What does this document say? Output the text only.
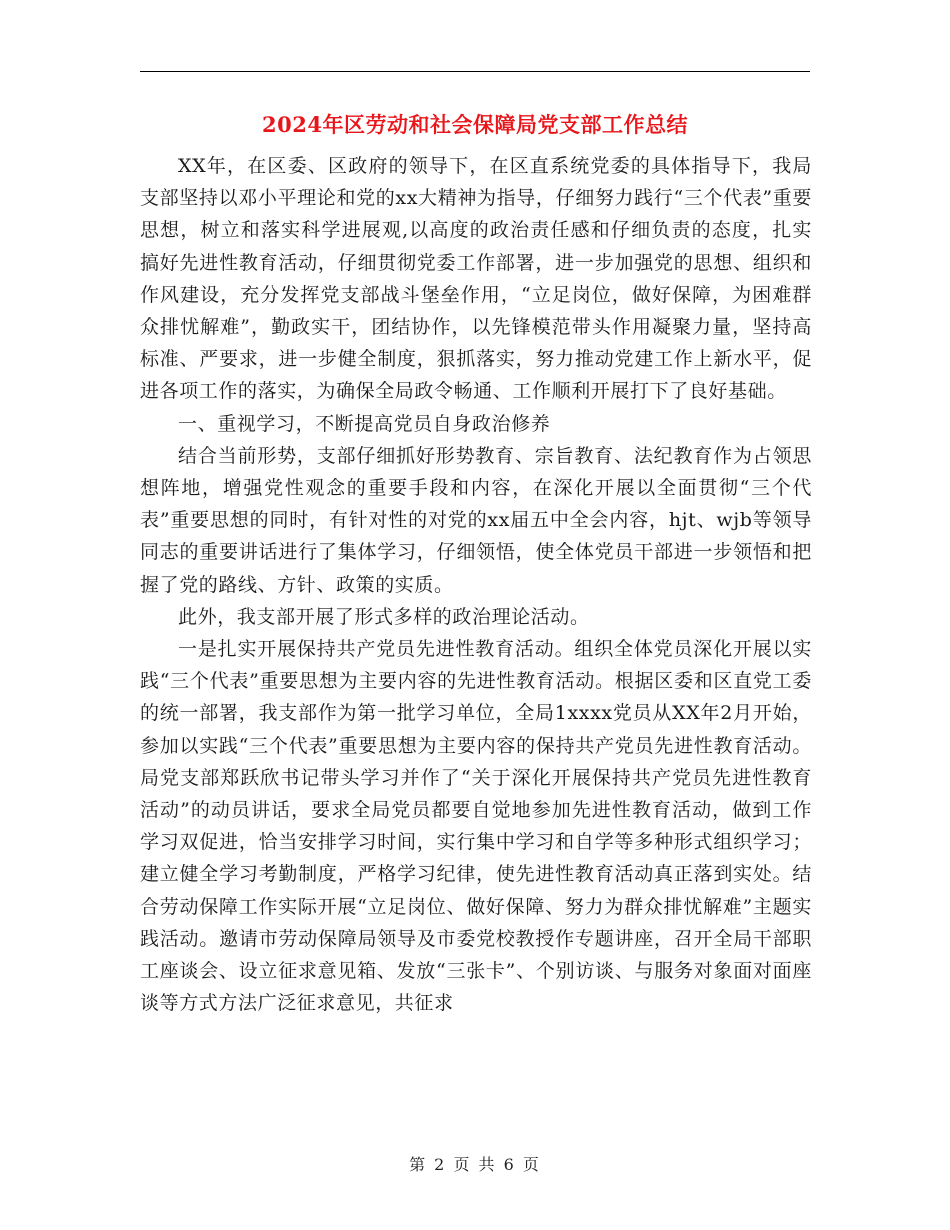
2024年区劳动和社会保障局党支部工作总结

XX年，在区委、区政府的领导下，在区直系统党委的具体指导下，我局支部坚持以邓小平理论和党的xx大精神为指导，仔细努力践行“三个代表”重要思想，树立和落实科学进展观,以高度的政治责任感和仔细负责的态度，扎实搞好先进性教育活动，仔细贯彻党委工作部署，进一步加强党的思想、组织和作风建设，充分发挥党支部战斗堡垒作用，“立足岗位，做好保障，为困难群众排忧解难”，勤政实干，团结协作，以先锋模范带头作用凝聚力量，坚持高标准、严要求，进一步健全制度，狠抓落实，努力推动党建工作上新水平，促进各项工作的落实，为确保全局政令畅通、工作顺利开展打下了良好基础。

一、重视学习，不断提高党员自身政治修养

结合当前形势，支部仔细抓好形势教育、宗旨教育、法纪教育作为占领思想阵地，增强党性观念的重要手段和内容，在深化开展以全面贯彻“三个代表”重要思想的同时，有针对性的对党的xx届五中全会内容，hjt、wjb等领导同志的重要讲话进行了集体学习，仔细领悟，使全体党员干部进一步领悟和把握了党的路线、方针、政策的实质。

此外，我支部开展了形式多样的政治理论活动。

一是扎实开展保持共产党员先进性教育活动。组织全体党员深化开展以实践“三个代表”重要思想为主要内容的先进性教育活动。根据区委和区直党工委的统一部署，我支部作为第一批学习单位，全局1xxxx党员从XX年2月开始，参加以实践“三个代表”重要思想为主要内容的保持共产党员先进性教育活动。局党支部郑跃欣书记带头学习并作了“关于深化开展保持共产党员先进性教育活动”的动员讲话，要求全局党员都要自觉地参加先进性教育活动，做到工作学习双促进，恰当安排学习时间，实行集中学习和自学等多种形式组织学习；建立健全学习考勤制度，严格学习纪律，使先进性教育活动真正落到实处。结合劳动保障工作实际开展“立足岗位、做好保障、努力为群众排忧解难”主题实践活动。邀请市劳动保障局领导及市委党校教授作专题讲座，召开全局干部职工座谈会、设立征求意见箱、发放“三张卡”、个别访谈、与服务对象面对面座谈等方式方法广泛征求意见，共征求

第 2 页 共 6 页
